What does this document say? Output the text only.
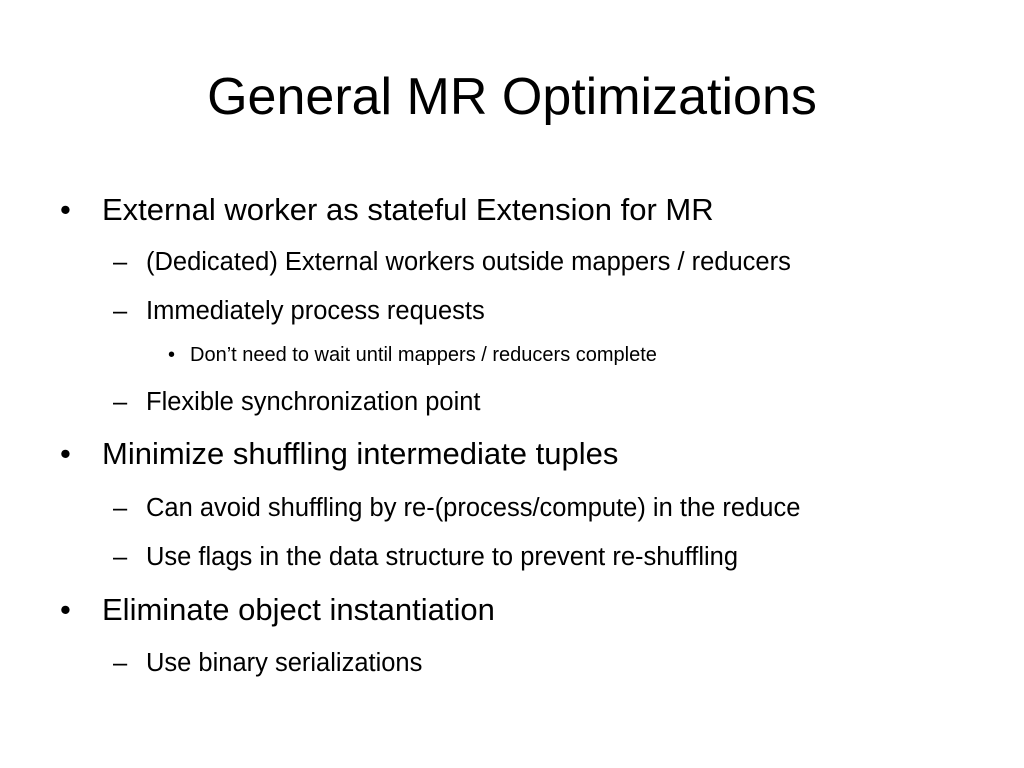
General MR Optimizations
• External worker as stateful Extension for MR
– (Dedicated) External workers outside mappers / reducers
– Immediately process requests
• Don’t need to wait until mappers / reducers complete
– Flexible synchronization point
• Minimize shuffling intermediate tuples
– Can avoid shuffling by re-(process/compute) in the reduce
– Use flags in the data structure to prevent re-shuffling
• Eliminate object instantiation
– Use binary serializations
